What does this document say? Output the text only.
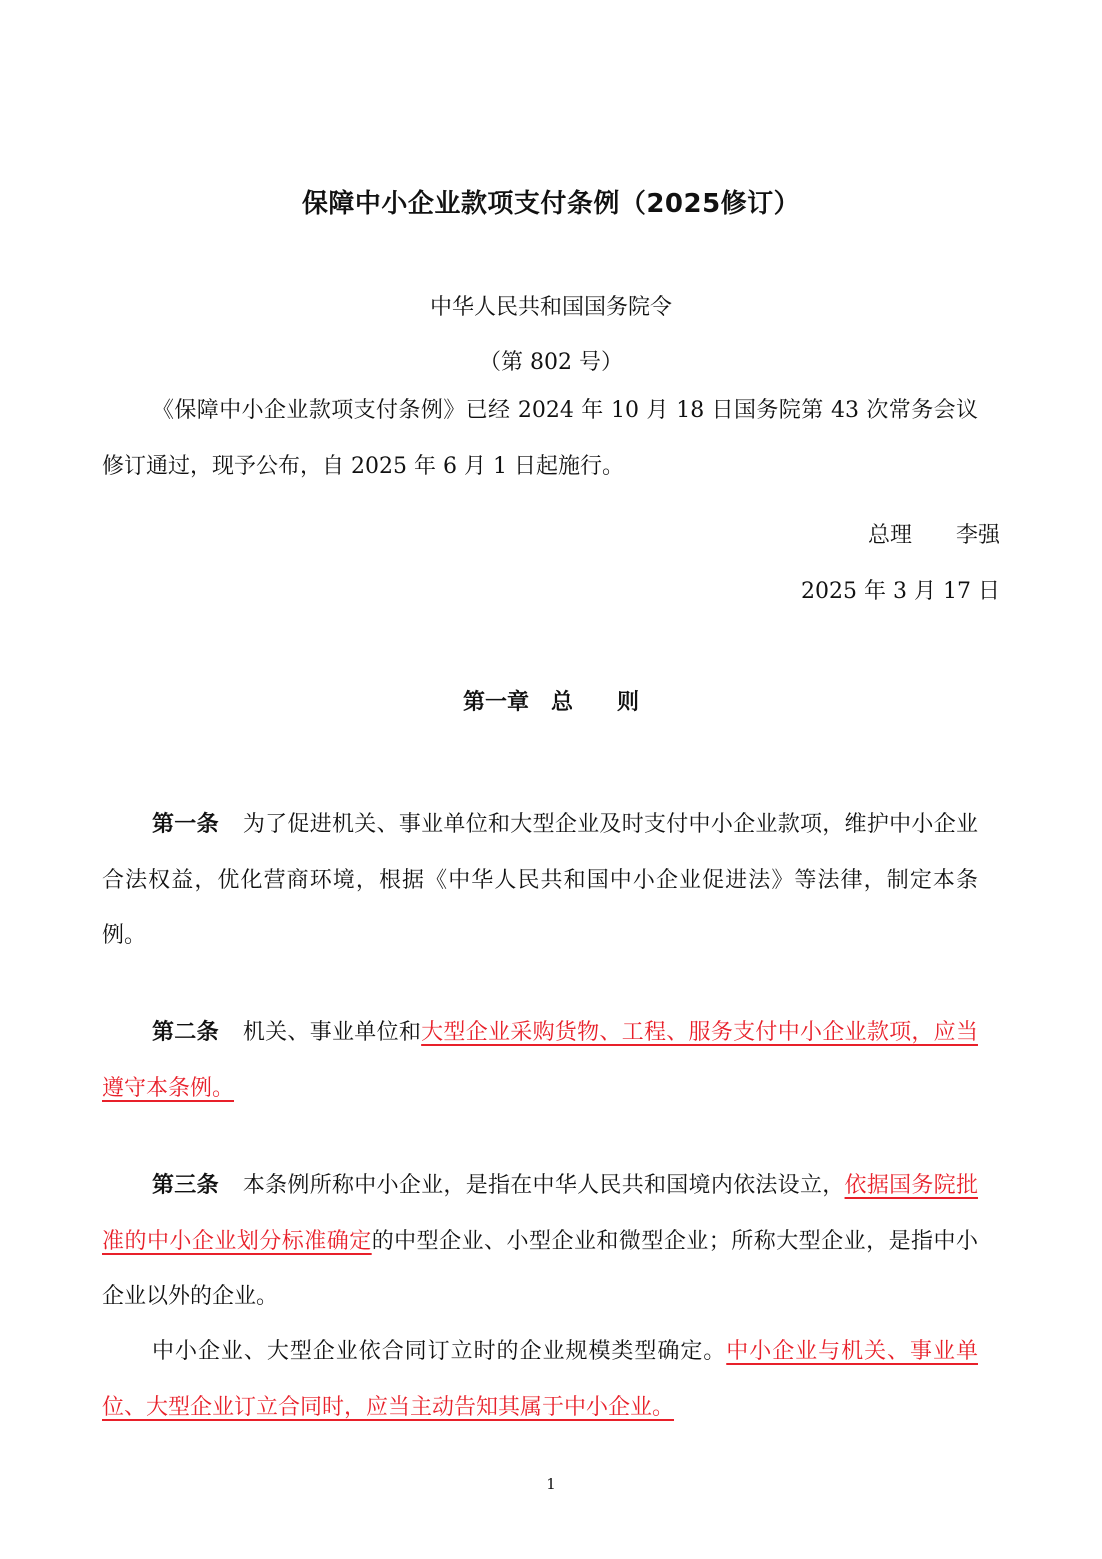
保障中小企业款项支付条例（2025修订）
中华人民共和国国务院令
（第 802 号）

《保障中小企业款项支付条例》已经 2024 年 10 月 18 日国务院第 43 次常务会议修订通过，现予公布，自 2025 年 6 月 1 日起施行。

总理　　李强
2025 年 3 月 17 日
第一章　总　　则

第一条 为了促进机关、事业单位和大型企业及时支付中小企业款项，维护中小企业合法权益，优化营商环境，根据《中华人民共和国中小企业促进法》等法律，制定本条例。

第二条 机关、事业单位和大型企业采购货物、工程、服务支付中小企业款项，应当遵守本条例。

第三条 本条例所称中小企业，是指在中华人民共和国境内依法设立，依据国务院批准的中小企业划分标准确定的中型企业、小型企业和微型企业；所称大型企业，是指中小企业以外的企业。

中小企业、大型企业依合同订立时的企业规模类型确定。中小企业与机关、事业单位、大型企业订立合同时，应当主动告知其属于中小企业。

1
